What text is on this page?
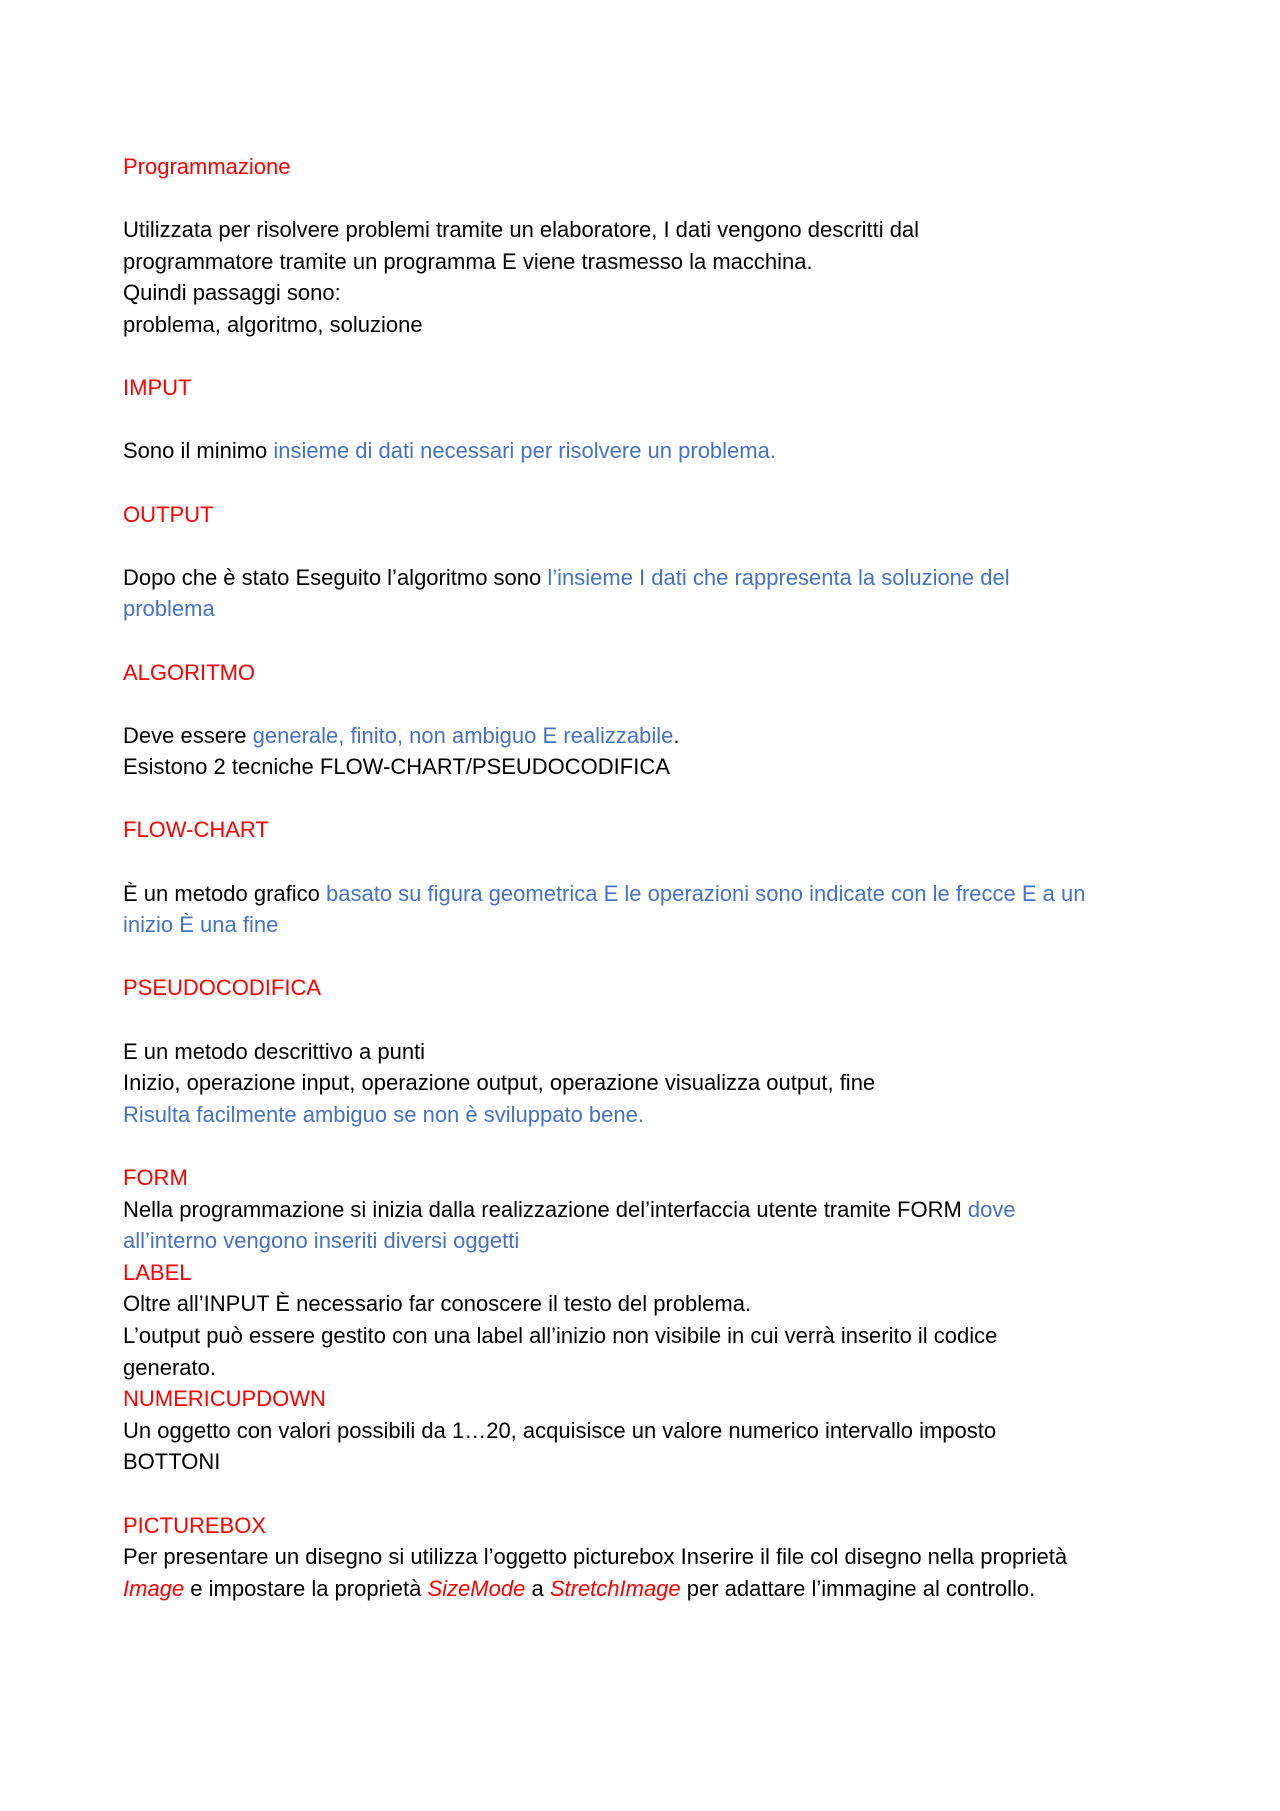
Programmazione

Utilizzata per risolvere problemi tramite un elaboratore, I dati vengono descritti dal

programmatore tramite un programma E viene trasmesso la macchina.

Quindi passaggi sono:

problema, algoritmo, soluzione

IMPUT

Sono il minimo insieme di dati necessari per risolvere un problema.

OUTPUT

Dopo che è stato Eseguito l’algoritmo sono l’insieme I dati che rappresenta la soluzione del

problema

ALGORITMO

Deve essere generale, finito, non ambiguo E realizzabile.

Esistono 2 tecniche FLOW-CHART/PSEUDOCODIFICA

FLOW-CHART

È un metodo grafico basato su figura geometrica E le operazioni sono indicate con le frecce E a un

inizio È una fine

PSEUDOCODIFICA

E un metodo descrittivo a punti

Inizio, operazione input, operazione output, operazione visualizza output, fine

Risulta facilmente ambiguo se non è sviluppato bene.

FORM

Nella programmazione si inizia dalla realizzazione del’interfaccia utente tramite FORM dove

all’interno vengono inseriti diversi oggetti

LABEL

Oltre all’INPUT È necessario far conoscere il testo del problema.

L’output può essere gestito con una label all’inizio non visibile in cui verrà inserito il codice

generato.

NUMERICUPDOWN

Un oggetto con valori possibili da 1…20, acquisisce un valore numerico intervallo imposto

BOTTONI

PICTUREBOX

Per presentare un disegno si utilizza l’oggetto picturebox Inserire il file col disegno nella proprietà

Image e impostare la proprietà SizeMode a StretchImage per adattare l’immagine al controllo.
